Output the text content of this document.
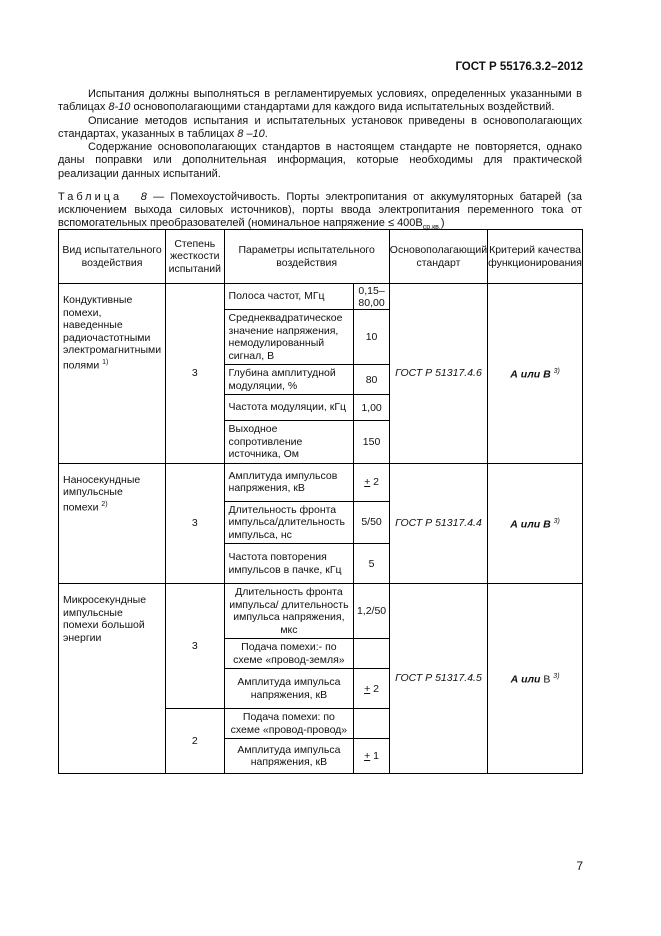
ГОСТ Р 55176.3.2–2012
Испытания должны выполняться в регламентируемых условиях, определенных указанными в таблицах 8-10 основополагающими стандартами для каждого вида испытательных воздействий.
Описание методов испытания и испытательных установок приведены в основополагающих стандартах, указанных в таблицах 8 –10.
Содержание основополагающих стандартов в настоящем стандарте не повторяется, однако даны поправки или дополнительная информация, которые необходимы для практической реализации данных испытаний.
Таблица 8 — Помехоустойчивость. Порты электропитания от аккумуляторных батарей (за исключением выхода силовых источников), порты ввода электропитания переменного тока от вспомогательных преобразователей (номинальное напряжение ≤ $400В_{ср.кв.}$)
Вид испытательного воздействия	Степень жесткости испытаний	Параметры испытательного воздействия		Основополагающий стандарт	Критерий качества функционирования
Кондуктивные помехи, наведенные радиочастотными электромагнитными полями $^{1)}$	3	Полоса частот, МГц	0,15–80,00	ГОСТ Р 51317.4.6	А или В $^{3)}$
		Среднеквадратическое значение напряжения, немодулированный сигнал, В	10		
		Глубина амплитудной модуляции, %	80		
		Частота модуляции, кГц	1,00		
		Выходное сопротивление источника, Ом	150		
Наносекундные импульсные помехи $^{2)}$	3	Амплитуда импульсов напряжения, кВ	+ 2	ГОСТ Р 51317.4.4	А или В $^{3)}$
		Длительность фронта импульса/длительность импульса, нс	5/50		
		Частота повторения импульсов в пачке, кГц	5		
Микросекундные импульсные помехи большой энергии	3	Длительность фронта импульса/ длительность импульса напряжения, мкс	1,2/50	ГОСТ Р 51317.4.5	А или В $^{3)}$
		Подача помехи:- по схеме «провод-земля»			
		Амплитуда импульса напряжения, кВ	+ 2		
	2	Подача помехи: по схеме «провод-провод»			
		Амплитуда импульса напряжения, кВ	+ 1		
7
